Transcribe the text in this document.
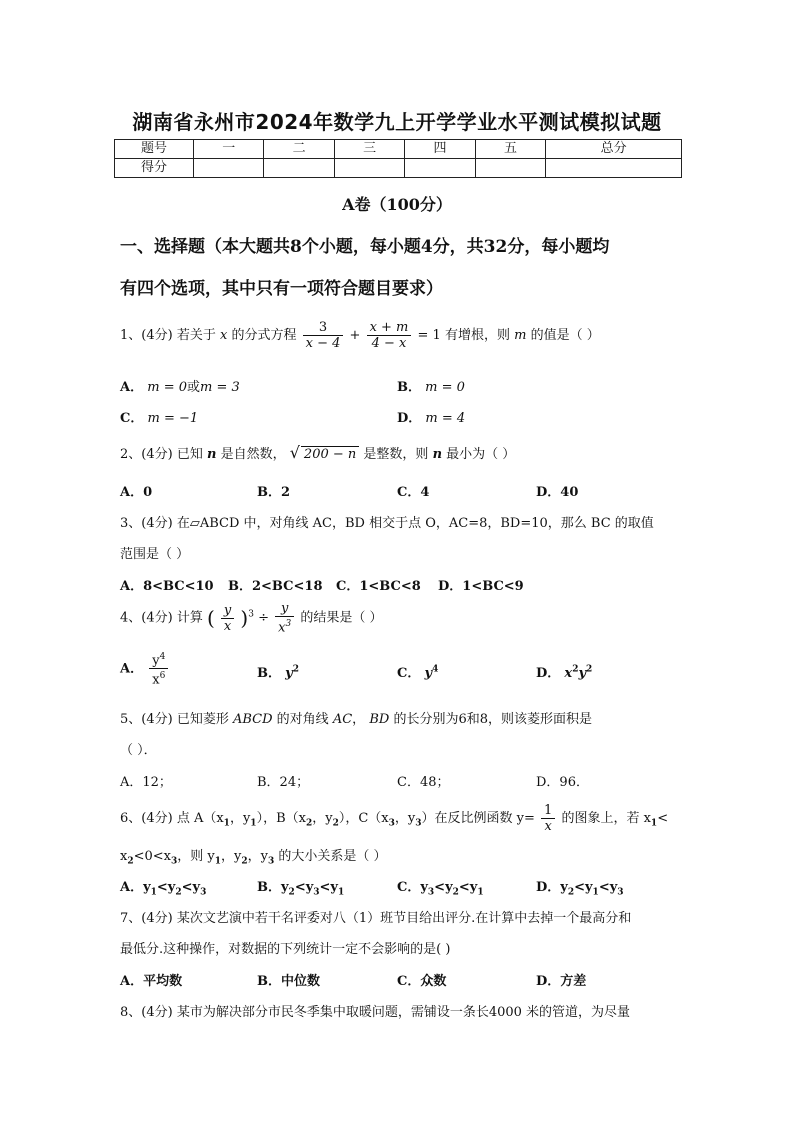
湖南省永州市2024年数学九上开学学业水平测试模拟试题
题号	一	二	三	四	五	总分
得分						
A卷（100分）
一、选择题（本大题共8个小题，每小题4分，共32分，每小题均
有四个选项，其中只有一项符合题目要求）
1、(4分) 若关于 x 的分式方程 $\frac{3}{x - 4} + \frac{x + m}{4 - x} = 1$ 有增根，则 m 的值是（ ）
A． m = 0或m = 3	B． m = 0
C． m = −1	D． m = 4
2、(4分) 已知 n 是自然数， √ 200 − n 是整数，则 n 最小为（ ）
A．0	B．2	C．4	D．40
3、(4分) 在▱ABCD 中，对角线 AC，BD 相交于点 O，AC=8，BD=10，那么 BC 的取值
范围是（ ）
A．8<BC<10 B．2<BC<18 C．1<BC<8 D．1<BC<9
4、(4分) 计算 ( $\frac{y}{x} )^3 \div \frac{y}{x^3}$ 的结果是（ ）
A． $\frac{y^4}{x^6}$	B． $y^2$	C． $y^4$	D． $x^2y^2$
5、(4分) 已知菱形 ABCD 的对角线 AC， BD 的长分别为6和8，则该菱形面积是
（ ）．
A．12；	B．24；	C．48；	D．96．
6、(4分) 点 $A(x_1$，$y_1$），$B(x_2$，$y_2$），$C(x_3$，$y_3$）在反比例函数 $y= \frac{1}{x}$ 的图象上，若 $x_1<$
$x_2<0<x_3$，则 $y_1$，$y_2$，$y_3$ 的大小关系是（ ）
A．$y_1<y_2<y_3$	B．$y_2<y_3<y_1$	C．$y_3<y_2<y_1$	D．$y_2<y_1<y_3$
7、(4分) 某次文艺演中若干名评委对八（1）班节目给出评分.在计算中去掉一个最高分和
最低分.这种操作，对数据的下列统计一定不会影响的是( )
A．平均数	B．中位数	C．众数	D．方差
8、(4分) 某市为解决部分市民冬季集中取暖问题，需铺设一条长4000 米的管道，为尽量
